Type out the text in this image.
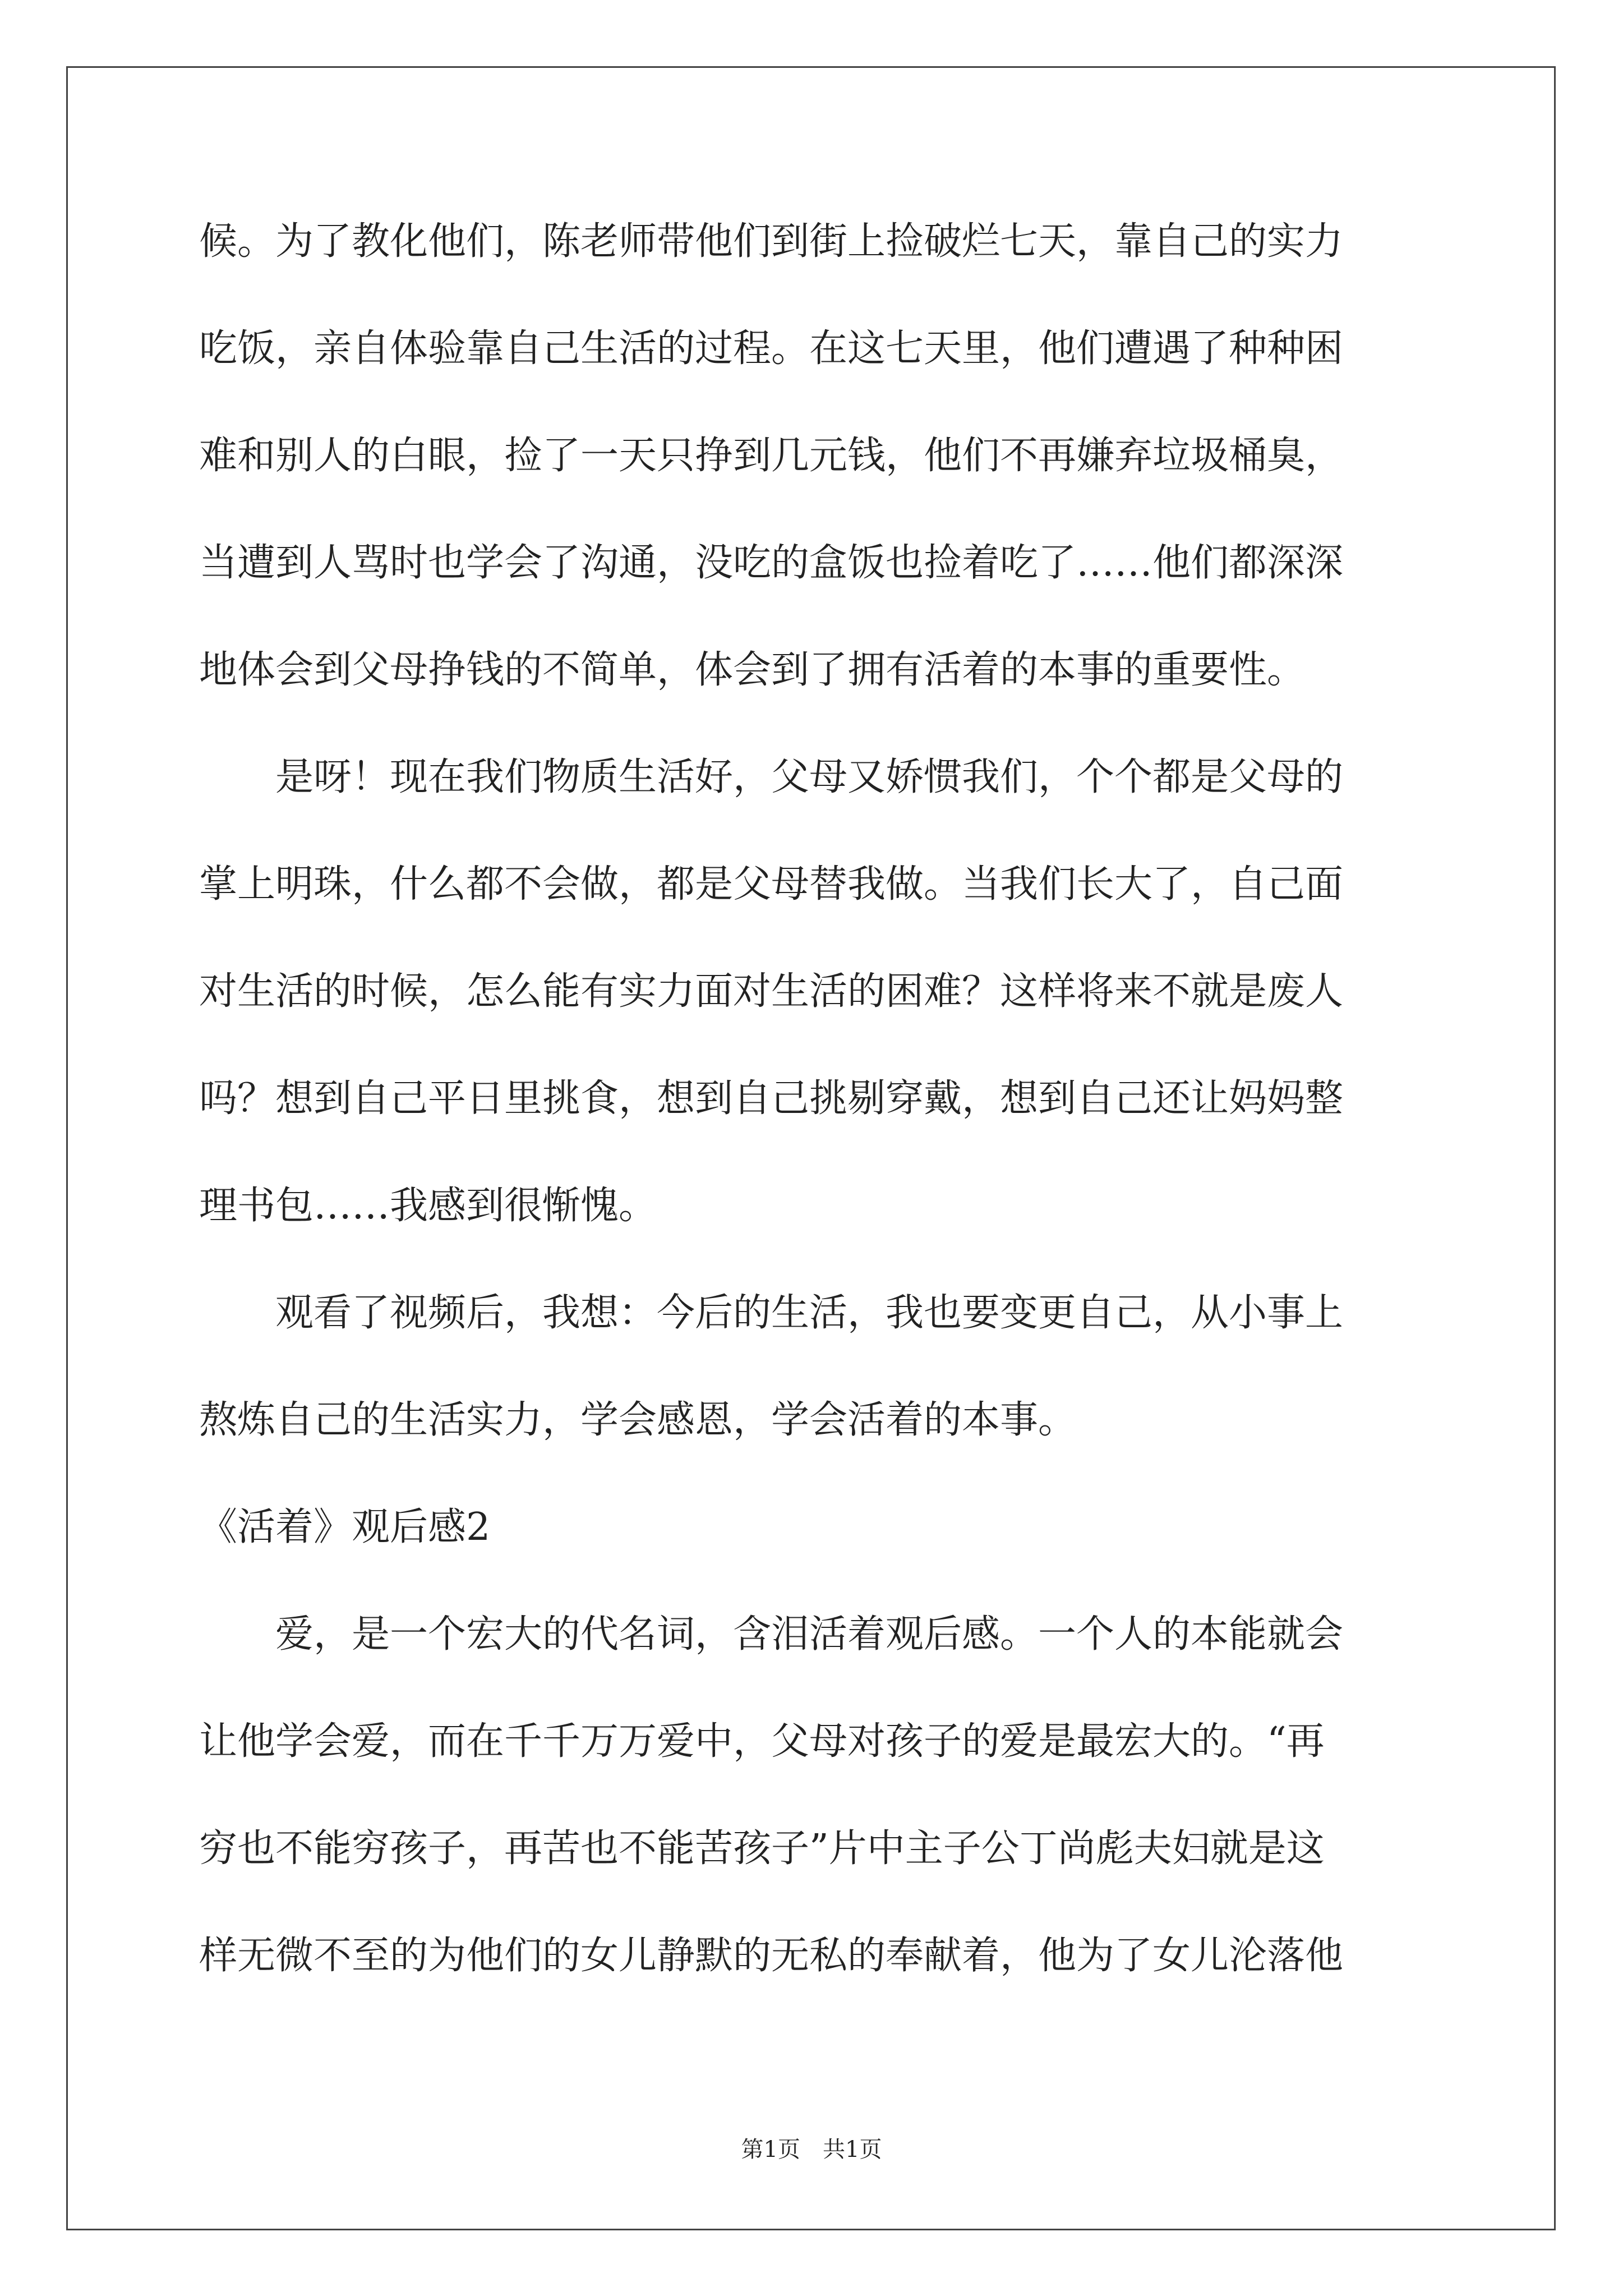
候。为了教化他们，陈老师带他们到街上捡破烂七天，靠自己的实力
吃饭，亲自体验靠自己生活的过程。在这七天里，他们遭遇了种种困
难和别人的白眼，捡了一天只挣到几元钱，他们不再嫌弃垃圾桶臭，
当遭到人骂时也学会了沟通，没吃的盒饭也捡着吃了……他们都深深
地体会到父母挣钱的不简单，体会到了拥有活着的本事的重要性。
　　是呀！现在我们物质生活好，父母又娇惯我们，个个都是父母的
掌上明珠，什么都不会做，都是父母替我做。当我们长大了，自己面
对生活的时候，怎么能有实力面对生活的困难？这样将来不就是废人
吗？想到自己平日里挑食，想到自己挑剔穿戴，想到自己还让妈妈整
理书包……我感到很惭愧。
　　观看了视频后，我想：今后的生活，我也要变更自己，从小事上
熬炼自己的生活实力，学会感恩，学会活着的本事。
《活着》观后感2
　　爱，是一个宏大的代名词，含泪活着观后感。一个人的本能就会
让他学会爱，而在千千万万爱中，父母对孩子的爱是最宏大的。“再
穷也不能穷孩子，再苦也不能苦孩子”片中主子公丁尚彪夫妇就是这
样无微不至的为他们的女儿静默的无私的奉献着，他为了女儿沦落他
第1页　共1页
